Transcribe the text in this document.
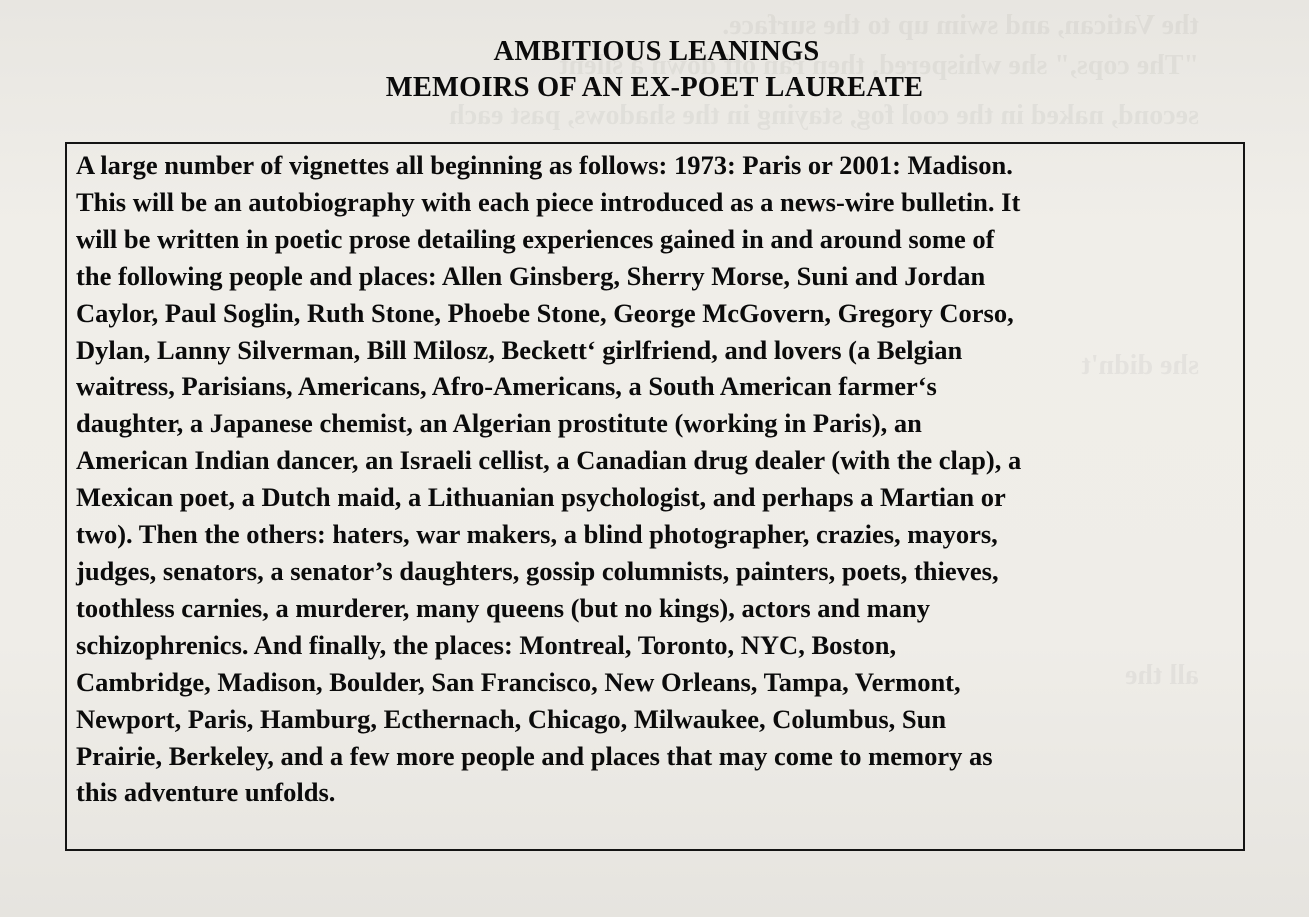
AMBITIOUS LEANINGS
MEMOIRS OF AN EX-POET LAUREATE
A large number of vignettes all beginning as follows: 1973: Paris or 2001: Madison.
This will be an autobiography with each piece introduced as a news-wire bulletin. It
will be written in poetic prose detailing experiences gained in and around some of
the following people and places: Allen Ginsberg, Sherry Morse, Suni and Jordan
Caylor, Paul Soglin, Ruth Stone, Phoebe Stone, George McGovern, Gregory Corso,
Dylan, Lanny Silverman, Bill Milosz, Beckett‘ girlfriend, and lovers (a Belgian
waitress, Parisians, Americans, Afro-Americans, a South American farmer‘s
daughter, a Japanese chemist, an Algerian prostitute (working in Paris), an
American Indian dancer, an Israeli cellist, a Canadian drug dealer (with the clap), a
Mexican poet, a Dutch maid, a Lithuanian psychologist, and perhaps a Martian or
two). Then the others: haters, war makers, a blind photographer, crazies, mayors,
judges, senators, a senator’s daughters, gossip columnists, painters, poets, thieves,
toothless carnies, a murderer, many queens (but no kings), actors and many
schizophrenics. And finally, the places: Montreal, Toronto, NYC, Boston,
Cambridge, Madison, Boulder, San Francisco, New Orleans, Tampa, Vermont,
Newport, Paris, Hamburg, Ecthernach, Chicago, Milwaukee, Columbus, Sun
Prairie, Berkeley, and a few more people and places that may come to memory as
this adventure unfolds.
